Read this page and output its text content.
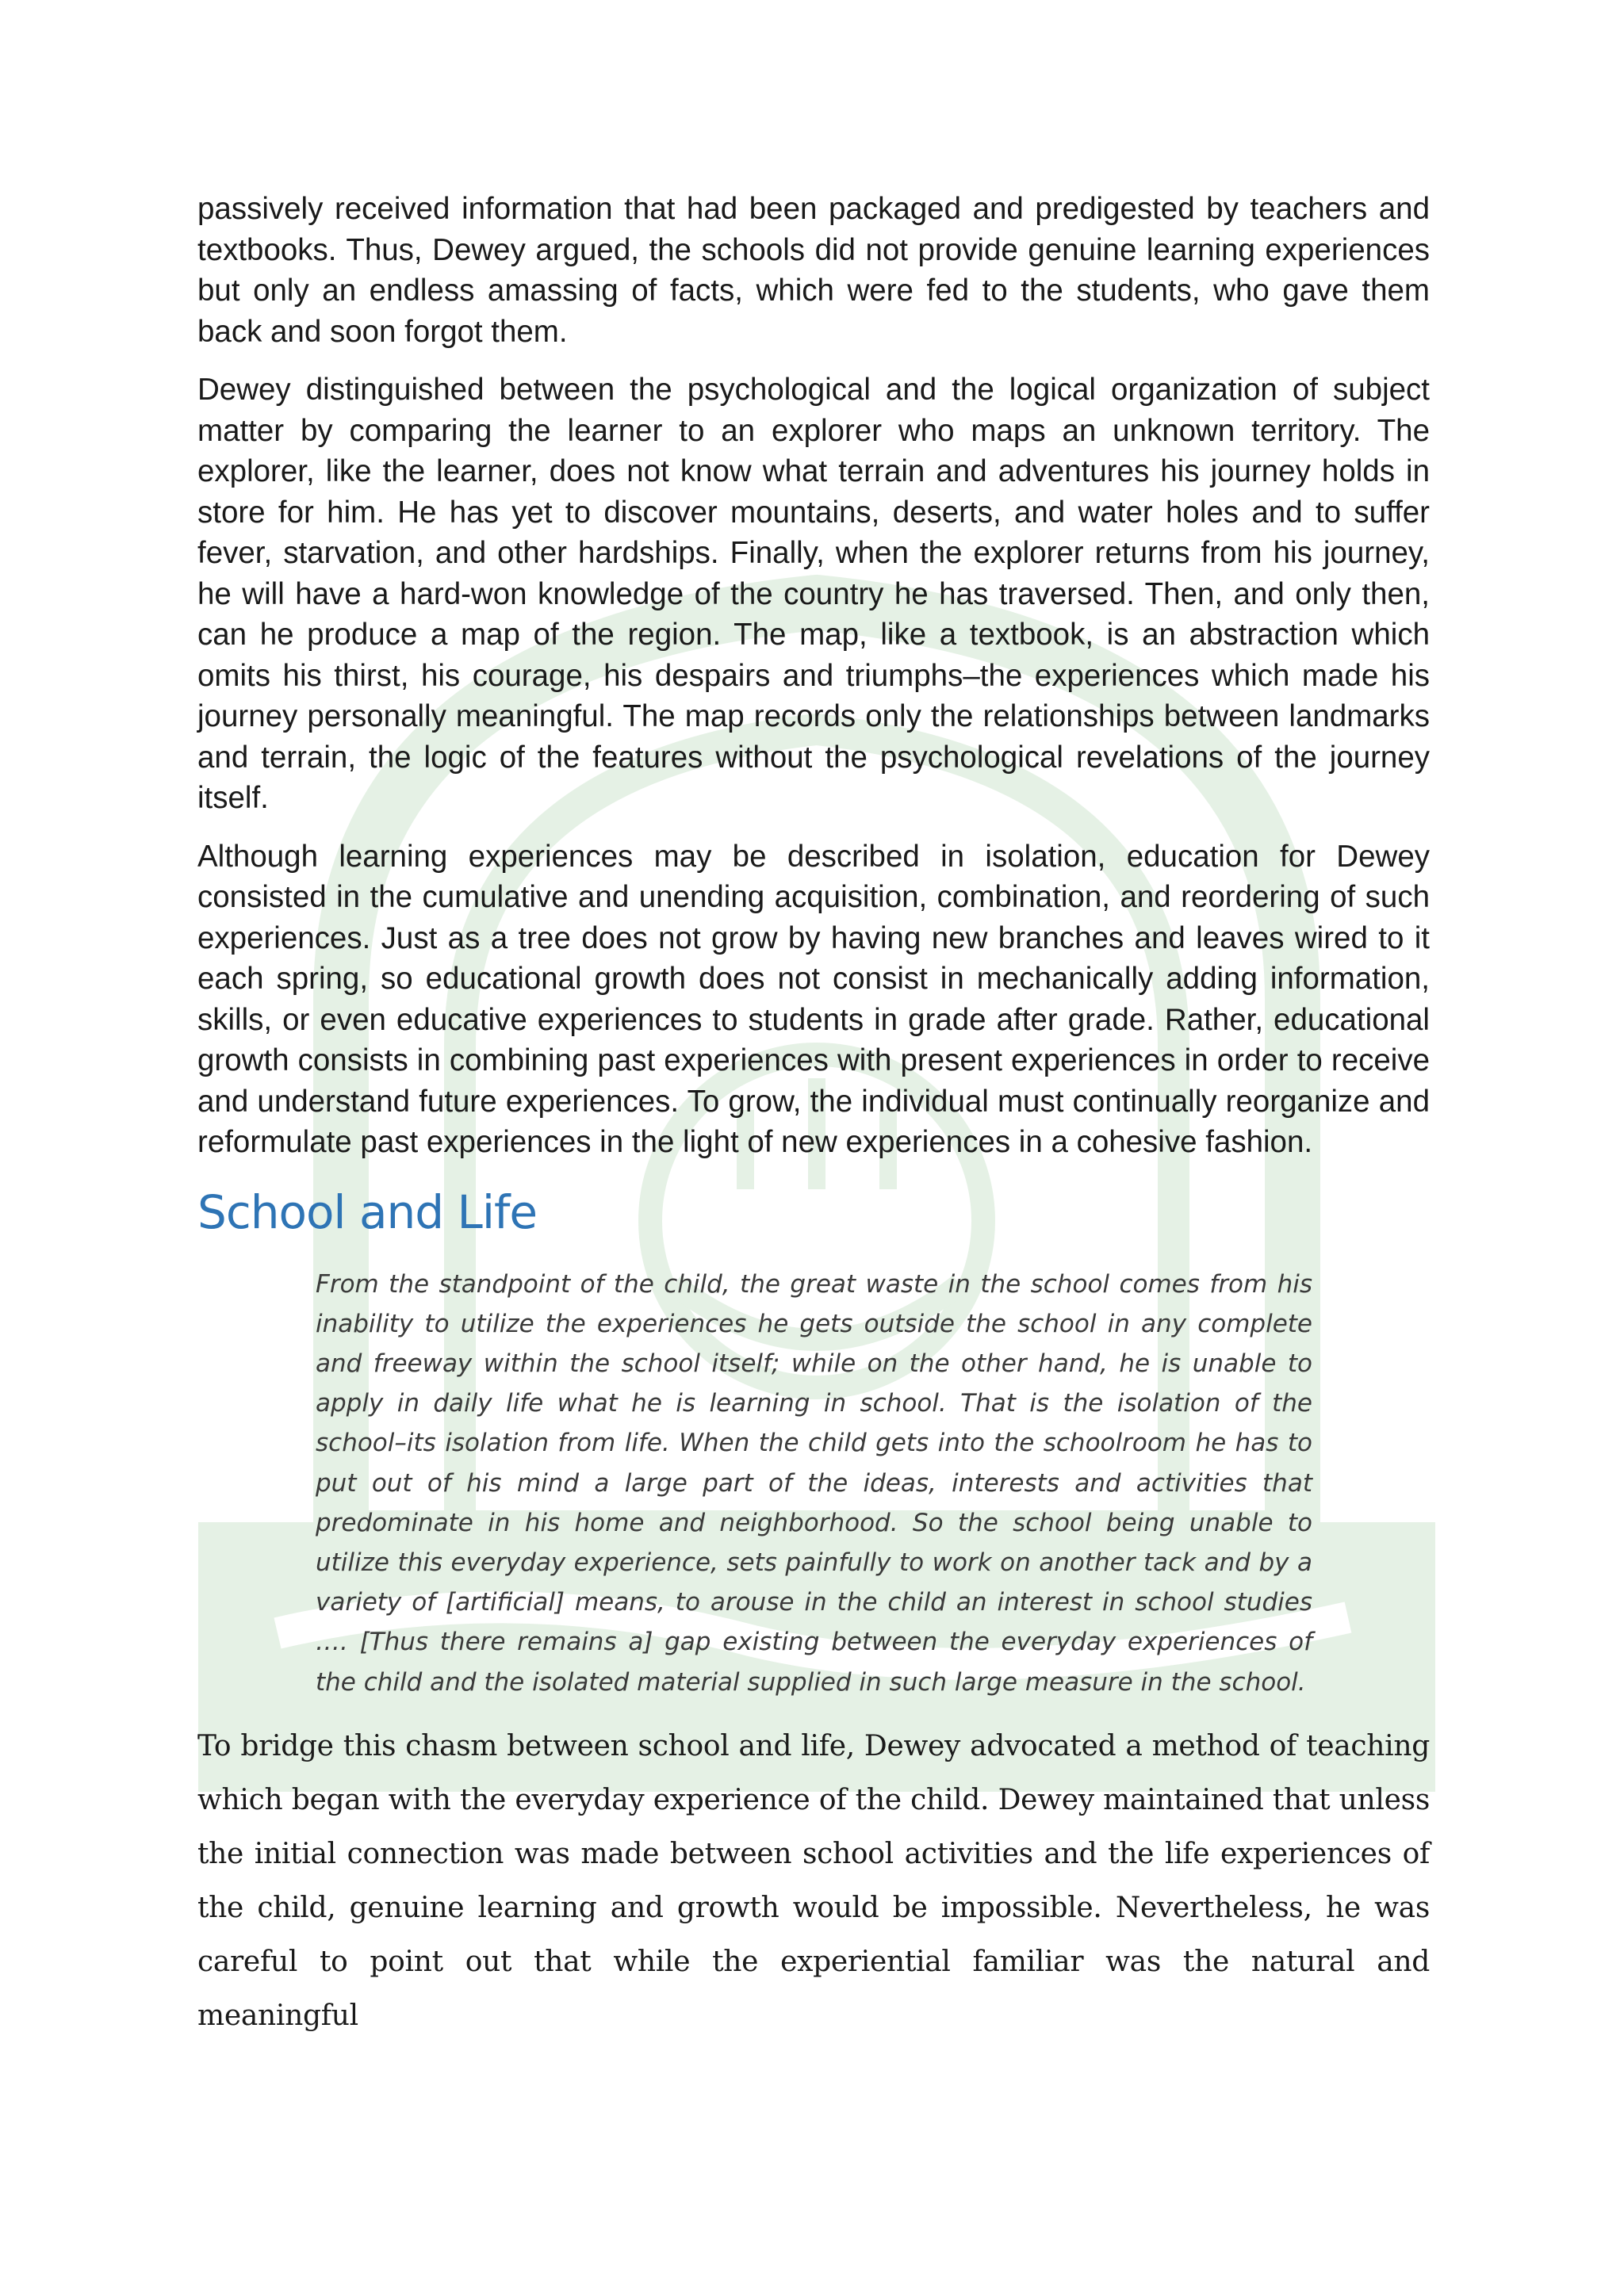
passively received information that had been packaged and predigested by teachers and textbooks. Thus, Dewey argued, the schools did not provide genuine learning experiences but only an endless amassing of facts, which were fed to the students, who gave them back and soon forgot them.

Dewey distinguished between the psychological and the logical organization of subject matter by comparing the learner to an explorer who maps an unknown territory. The explorer, like the learner, does not know what terrain and adventures his journey holds in store for him. He has yet to discover mountains, deserts, and water holes and to suffer fever, starvation, and other hardships. Finally, when the explorer returns from his journey, he will have a hard-won knowledge of the country he has traversed. Then, and only then, can he produce a map of the region. The map, like a textbook, is an abstraction which omits his thirst, his courage, his despairs and triumphs–the experiences which made his journey personally meaningful. The map records only the relationships between landmarks and terrain, the logic of the features without the psychological revelations of the journey itself.

Although learning experiences may be described in isolation, education for Dewey consisted in the cumulative and unending acquisition, combination, and reordering of such experiences. Just as a tree does not grow by having new branches and leaves wired to it each spring, so educational growth does not consist in mechanically adding information, skills, or even educative experiences to students in grade after grade. Rather, educational growth consists in combining past experiences with present experiences in order to receive and understand future experiences. To grow, the individual must continually reorganize and reformulate past experiences in the light of new experiences in a cohesive fashion.

School and Life

From the standpoint of the child, the great waste in the school comes from his inability to utilize the experiences he gets outside the school in any complete and freeway within the school itself; while on the other hand, he is unable to apply in daily life what he is learning in school. That is the isolation of the school–its isolation from life. When the child gets into the schoolroom he has to put out of his mind a large part of the ideas, interests and activities that predominate in his home and neighborhood. So the school being unable to utilize this everyday experience, sets painfully to work on another tack and by a variety of [artificial] means, to arouse in the child an interest in school studies …. [Thus there remains a] gap existing between the everyday experiences of the child and the isolated material supplied in such large measure in the school.

To bridge this chasm between school and life, Dewey advocated a method of teaching which began with the everyday experience of the child. Dewey maintained that unless the initial connection was made between school activities and the life experiences of the child, genuine learning and growth would be impossible. Nevertheless, he was careful to point out that while the experiential familiar was the natural and meaningful
